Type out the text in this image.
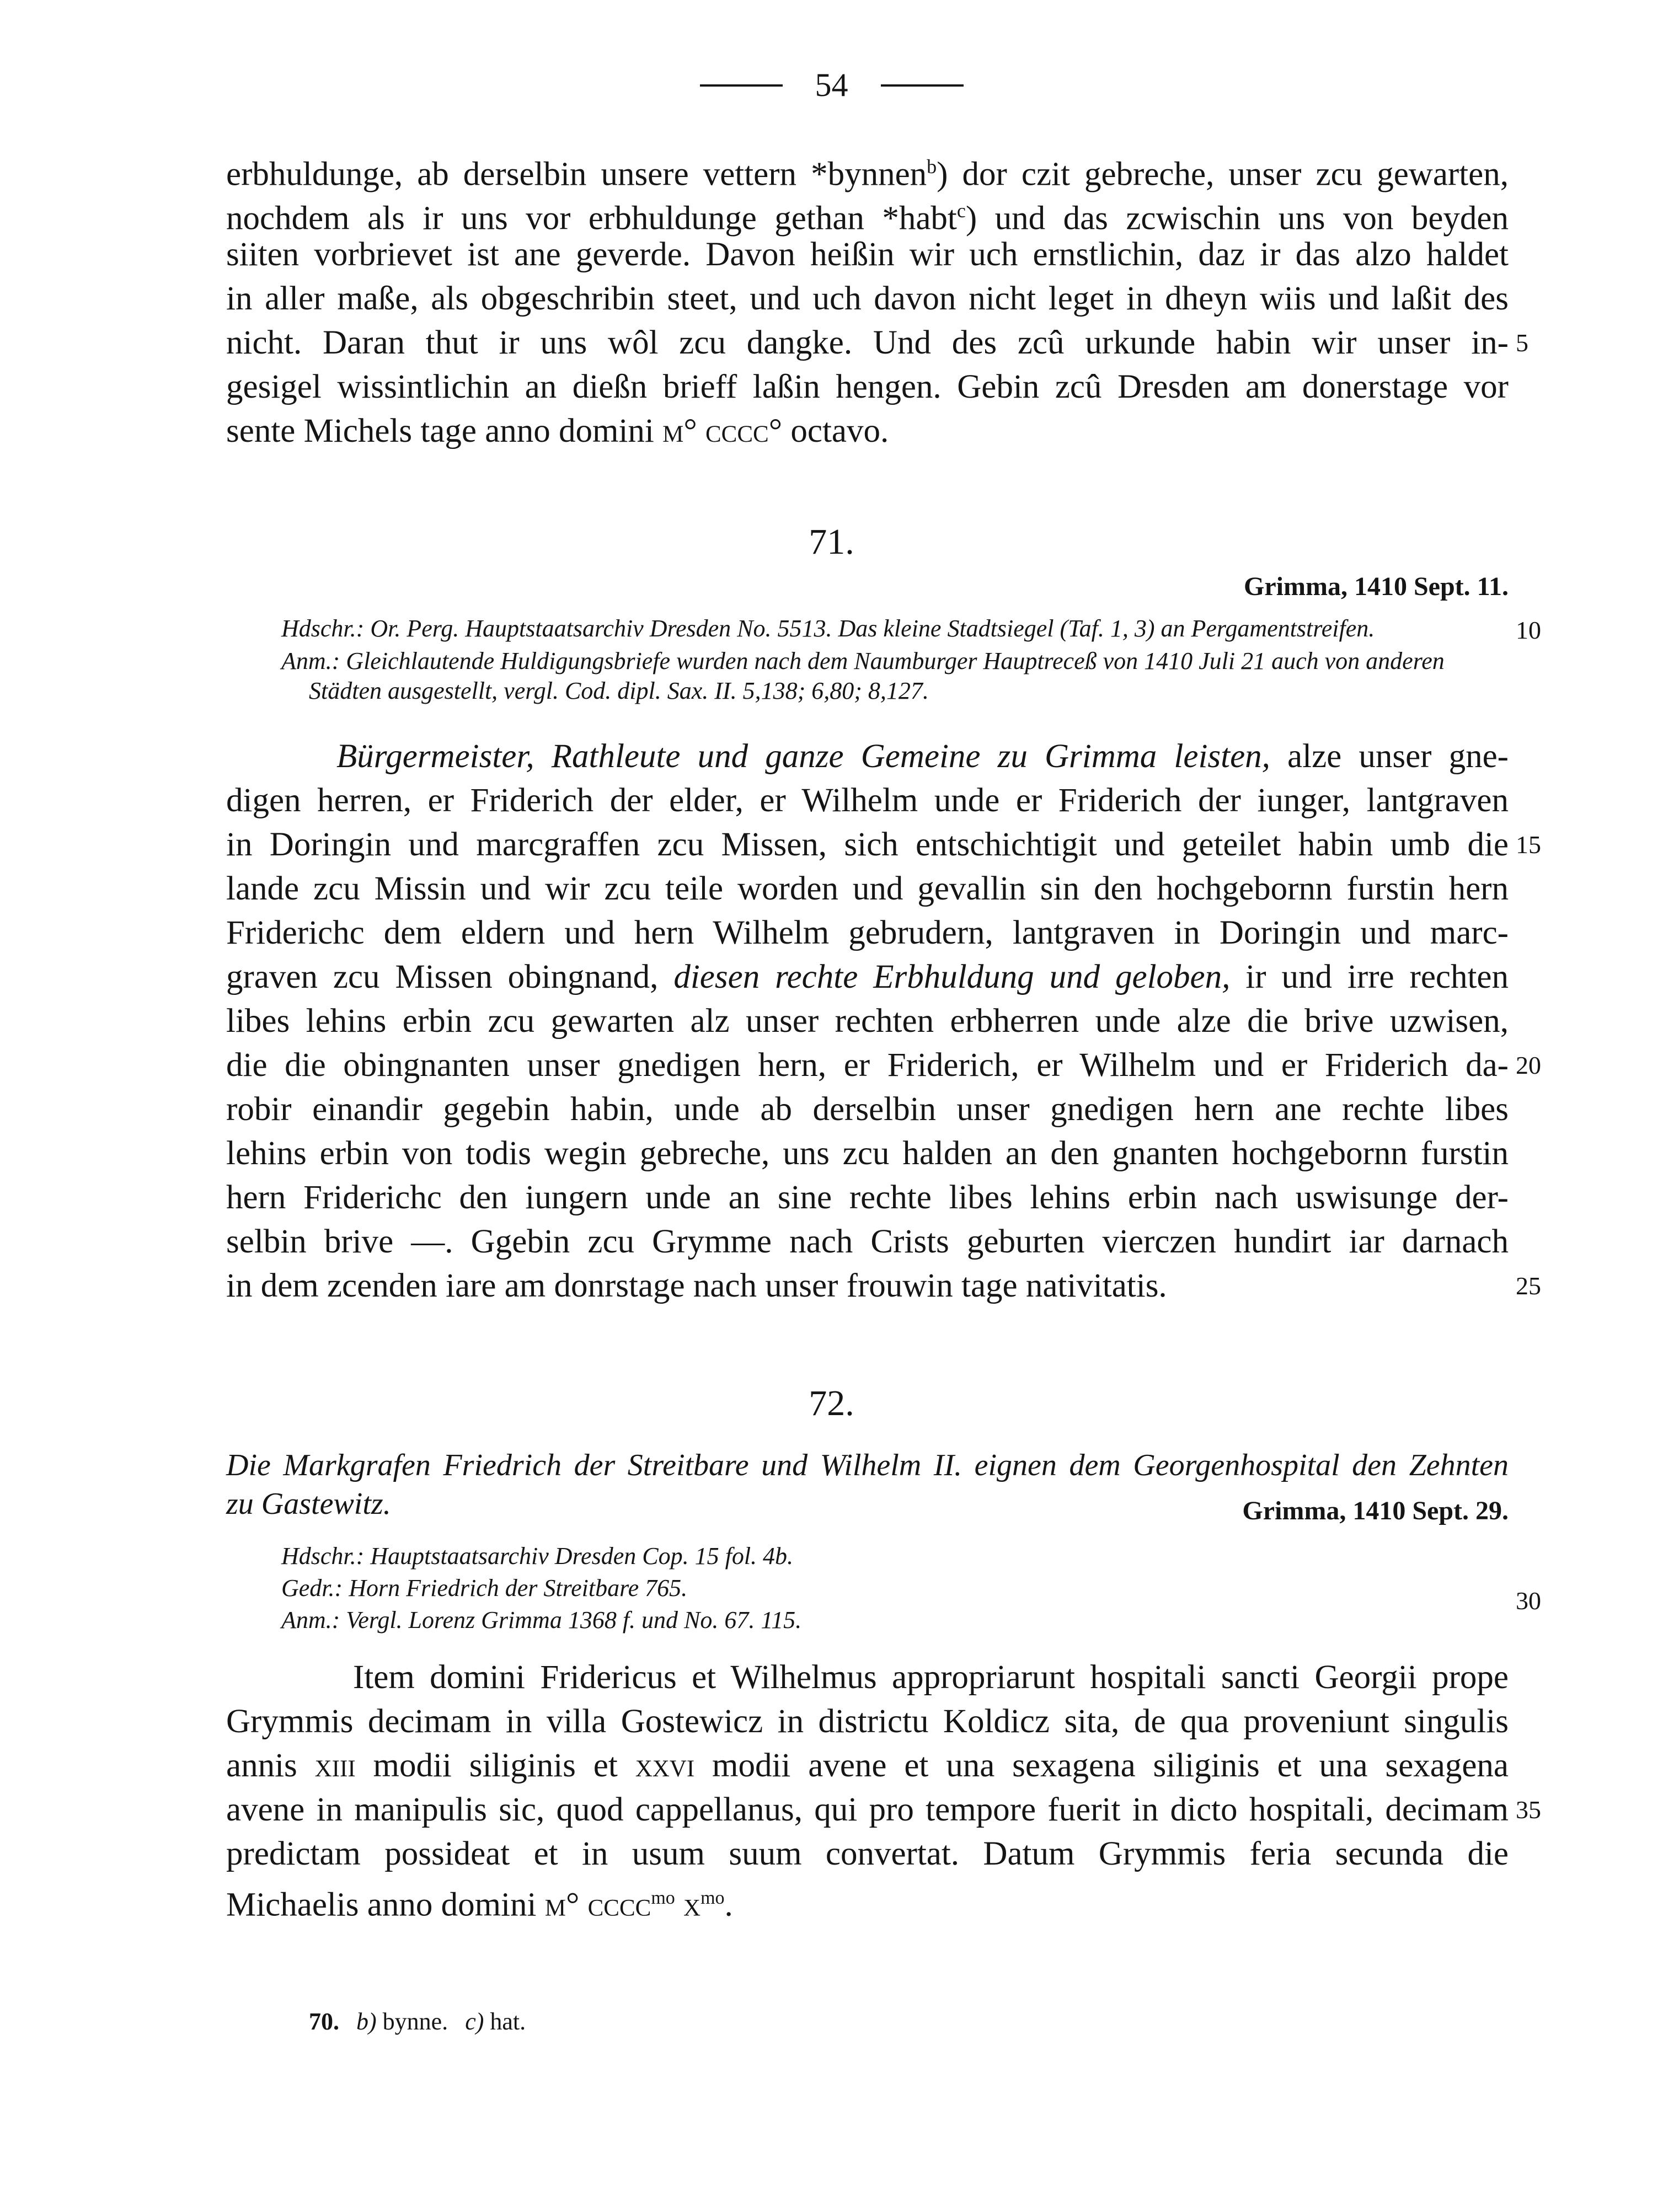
54
erbhuldunge, ab derselbin unsere vettern *bynnen$^b$) dor czit gebreche, unser zcu gewarten,
nochdem als ir uns vor erbhuldunge gethan *habt$^c$) und das zcwischin uns von beyden
siiten vorbrievet ist ane geverde. Davon heißin wir uch ernstlichin, daz ir das alzo haldet
in aller maße, als obgeschribin steet, und uch davon nicht leget in dheyn wiis und laßit des
nicht. Daran thut ir uns wôl zcu dangke. Und des zcû urkunde habin wir unser in-
gesigel wissintlichin an dießn brieff laßin hengen. Gebin zcû Dresden am donerstage vor
sente Michels tage anno domini m° cccc° octavo.
71.
Grimma, 1410 Sept. 11.
Hdschr.: Or. Perg. Hauptstaatsarchiv Dresden No. 5513. Das kleine Stadtsiegel (Taf. 1, 3) an Pergamentstreifen.
Anm.: Gleichlautende Huldigungsbriefe wurden nach dem Naumburger Hauptreceß von 1410 Juli 21 auch von anderen
Städten ausgestellt, vergl. Cod. dipl. Sax. II. 5,138; 6,80; 8,127.
Bürgermeister, Rathleute und ganze Gemeine zu Grimma leisten, alze unser gne-
digen herren, er Friderich der elder, er Wilhelm unde er Friderich der iunger, lantgraven
in Doringin und marcgraffen zcu Missen, sich entschichtigit und geteilet habin umb die
lande zcu Missin und wir zcu teile worden und gevallin sin den hochgebornn furstin hern
Friderichc dem eldern und hern Wilhelm gebrudern, lantgraven in Doringin und marc-
graven zcu Missen obingnand, diesen rechte Erbhuldung und geloben, ir und irre rechten
libes lehins erbin zcu gewarten alz unser rechten erbherren unde alze die brive uzwisen,
die die obingnanten unser gnedigen hern, er Friderich, er Wilhelm und er Friderich da-
robir einandir gegebin habin, unde ab derselbin unser gnedigen hern ane rechte libes
lehins erbin von todis wegin gebreche, uns zcu halden an den gnanten hochgebornn furstin
hern Friderichc den iungern unde an sine rechte libes lehins erbin nach uswisunge der-
selbin brive —. Ggebin zcu Grymme nach Crists geburten vierczen hundirt iar darnach
in dem zcenden iare am donrstage nach unser frouwin tage nativitatis.
72.
Die Markgrafen Friedrich der Streitbare und Wilhelm II. eignen dem Georgenhospital den Zehnten
zu Gastewitz.	Grimma, 1410 Sept. 29.
Hdschr.: Hauptstaatsarchiv Dresden Cop. 15 fol. 4b.
Gedr.: Horn Friedrich der Streitbare 765.
Anm.: Vergl. Lorenz Grimma 1368 f. und No. 67. 115.
Item domini Fridericus et Wilhelmus appropriarunt hospitali sancti Georgii prope
Grymmis decimam in villa Gostewicz in districtu Koldicz sita, de qua proveniunt singulis
annis xiii modii siliginis et xxvi modii avene et una sexagena siliginis et una sexagena
avene in manipulis sic, quod cappellanus, qui pro tempore fuerit in dicto hospitali, decimam
predictam possideat et in usum suum convertat. Datum Grymmis feria secunda die
Michaelis anno domini m° cccc$^{mo}$ $x^{mo}$.
5
10
15
20
25
30
35
70. b) bynne. c) hat.
